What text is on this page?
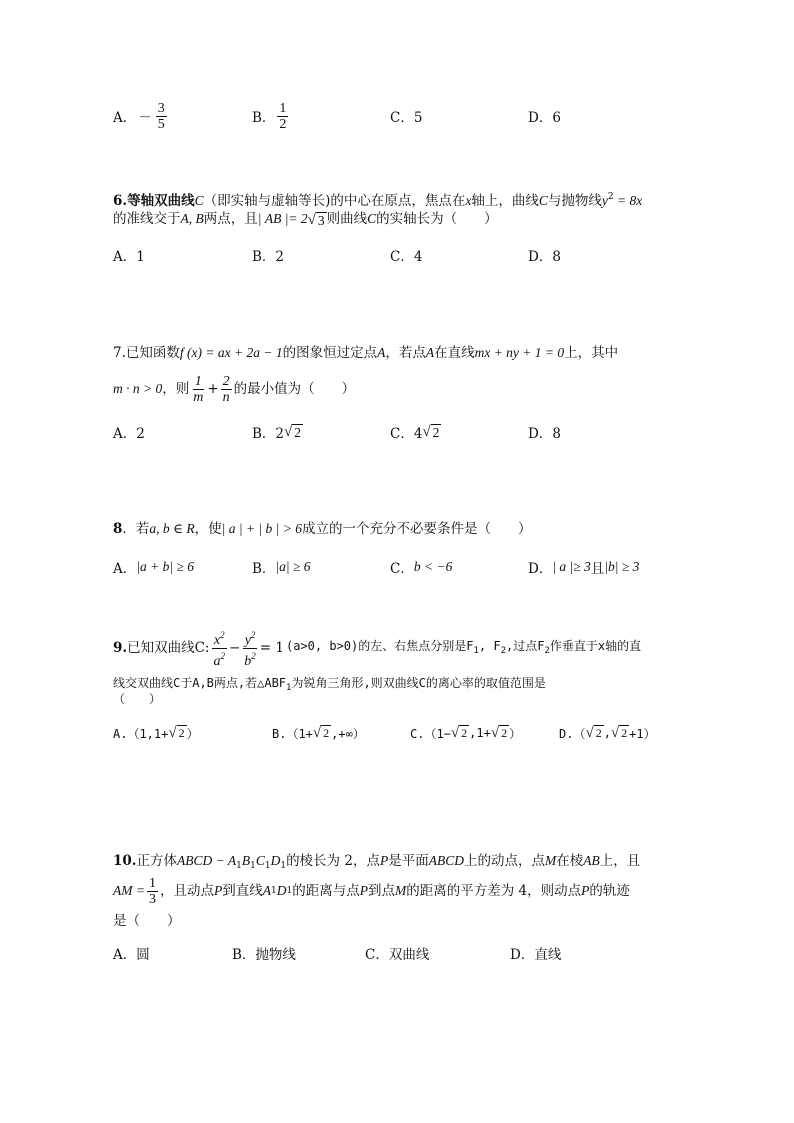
A． － $\frac{3}{5}$	B． $\frac{1}{2}$	C．5	D．6
6.等轴双曲线C（即实轴与虚轴等长)的中心在原点，焦点在x轴上，曲线C与抛物线$y^2 = 8x$
的准线交于A, B两点，且| AB |= 2 √ 3 则曲线C的实轴长为（　　）
A．1	B．2	C．4	D．8
7.已知函数f (x) = ax + 2a − 1的图象恒过定点A，若点A在直线mx + ny + 1 = 0上，其中
m · n > 0 ，则 $\frac{1}{m} + \frac{2}{n}$ 的最小值为（　　）
A．2	B．2 √ 2	C．4 √ 2	D．8
8．若a, b ∈ R，使| a | + | b | > 6成立的一个充分不必要条件是（　　）
A． |a + b| ≥ 6	B． |a| ≥ 6	C． b < −6	D． | a |≥ 3 且 |b| ≥ 3
9. 已知双曲线C: $\frac{x^2}{a^2} - \frac{y^2}{b^2} = 1$ (a>0, b>0)的左、右焦点分别是$F_1$, $F_2$,过点$F_2$作垂直于x轴的直
线交双曲线C于A,B两点,若$\triangle ABF_1$为锐角三角形,则双曲线C的离心率的取值范围是
（　　）
A.（1,1+ √ 2 ）	B.（1+ √ 2 ,+∞）	C.（1− √ 2 ,1+ √ 2 ）	D.（ √ 2 , √ 2 +1）
10.正方体ABCD − $A_1B_1C_1D_1$的棱长为 2，点P是平面ABCD上的动点，点M在棱AB上，且
AM = $\frac{1}{3}$ ，且动点 P 到直线 A 1 D 1 的距离与点 P 到点 M 的距离的平方差为 4，则动点 P 的轨迹
是（　　）
A．圆	B．抛物线	C．双曲线	D．直线
